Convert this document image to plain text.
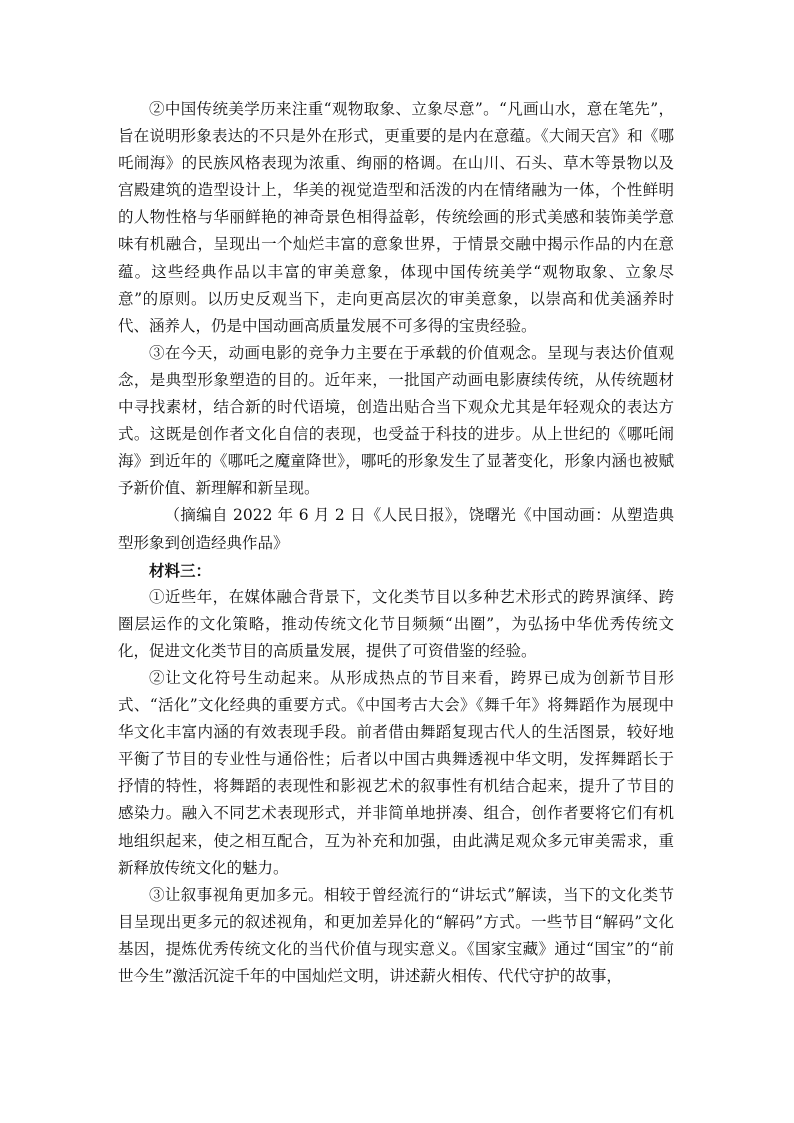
②中国传统美学历来注重“观物取象、立象尽意”。“凡画山水，意在笔先”，旨在说明形象表达的不只是外在形式，更重要的是内在意蕴。《大闹天宫》和《哪吒闹海》的民族风格表现为浓重、绚丽的格调。在山川、石头、草木等景物以及宫殿建筑的造型设计上，华美的视觉造型和活泼的内在情绪融为一体，个性鲜明的人物性格与华丽鲜艳的神奇景色相得益彰，传统绘画的形式美感和装饰美学意味有机融合，呈现出一个灿烂丰富的意象世界，于情景交融中揭示作品的内在意蕴。这些经典作品以丰富的审美意象，体现中国传统美学“观物取象、立象尽意”的原则。以历史反观当下，走向更高层次的审美意象，以崇高和优美涵养时代、涵养人，仍是中国动画高质量发展不可多得的宝贵经验。

③在今天，动画电影的竞争力主要在于承载的价值观念。呈现与表达价值观念，是典型形象塑造的目的。近年来，一批国产动画电影赓续传统，从传统题材中寻找素材，结合新的时代语境，创造出贴合当下观众尤其是年轻观众的表达方式。这既是创作者文化自信的表现，也受益于科技的进步。从上世纪的《哪吒闹海》到近年的《哪吒之魔童降世》，哪吒的形象发生了显著变化，形象内涵也被赋予新价值、新理解和新呈现。

（摘编自 2022 年 6 月 2 日《人民日报》，饶曙光《中国动画：从塑造典型形象到创造经典作品》

材料三：

①近些年，在媒体融合背景下，文化类节目以多种艺术形式的跨界演绎、跨圈层运作的文化策略，推动传统文化节目频频“出圈”，为弘扬中华优秀传统文化，促进文化类节目的高质量发展，提供了可资借鉴的经验。

②让文化符号生动起来。从形成热点的节目来看，跨界已成为创新节目形式、“活化”文化经典的重要方式。《中国考古大会》《舞千年》将舞蹈作为展现中华文化丰富内涵的有效表现手段。前者借由舞蹈复现古代人的生活图景，较好地平衡了节目的专业性与通俗性；后者以中国古典舞透视中华文明，发挥舞蹈长于抒情的特性，将舞蹈的表现性和影视艺术的叙事性有机结合起来，提升了节目的感染力。融入不同艺术表现形式，并非简单地拼凑、组合，创作者要将它们有机地组织起来，使之相互配合，互为补充和加强，由此满足观众多元审美需求，重新释放传统文化的魅力。

③让叙事视角更加多元。相较于曾经流行的“讲坛式”解读，当下的文化类节目呈现出更多元的叙述视角，和更加差异化的“解码”方式。一些节目“解码”文化基因，提炼优秀传统文化的当代价值与现实意义。《国家宝藏》通过“国宝”的“前世今生”激活沉淀千年的中国灿烂文明，讲述薪火相传、代代守护的故事，
